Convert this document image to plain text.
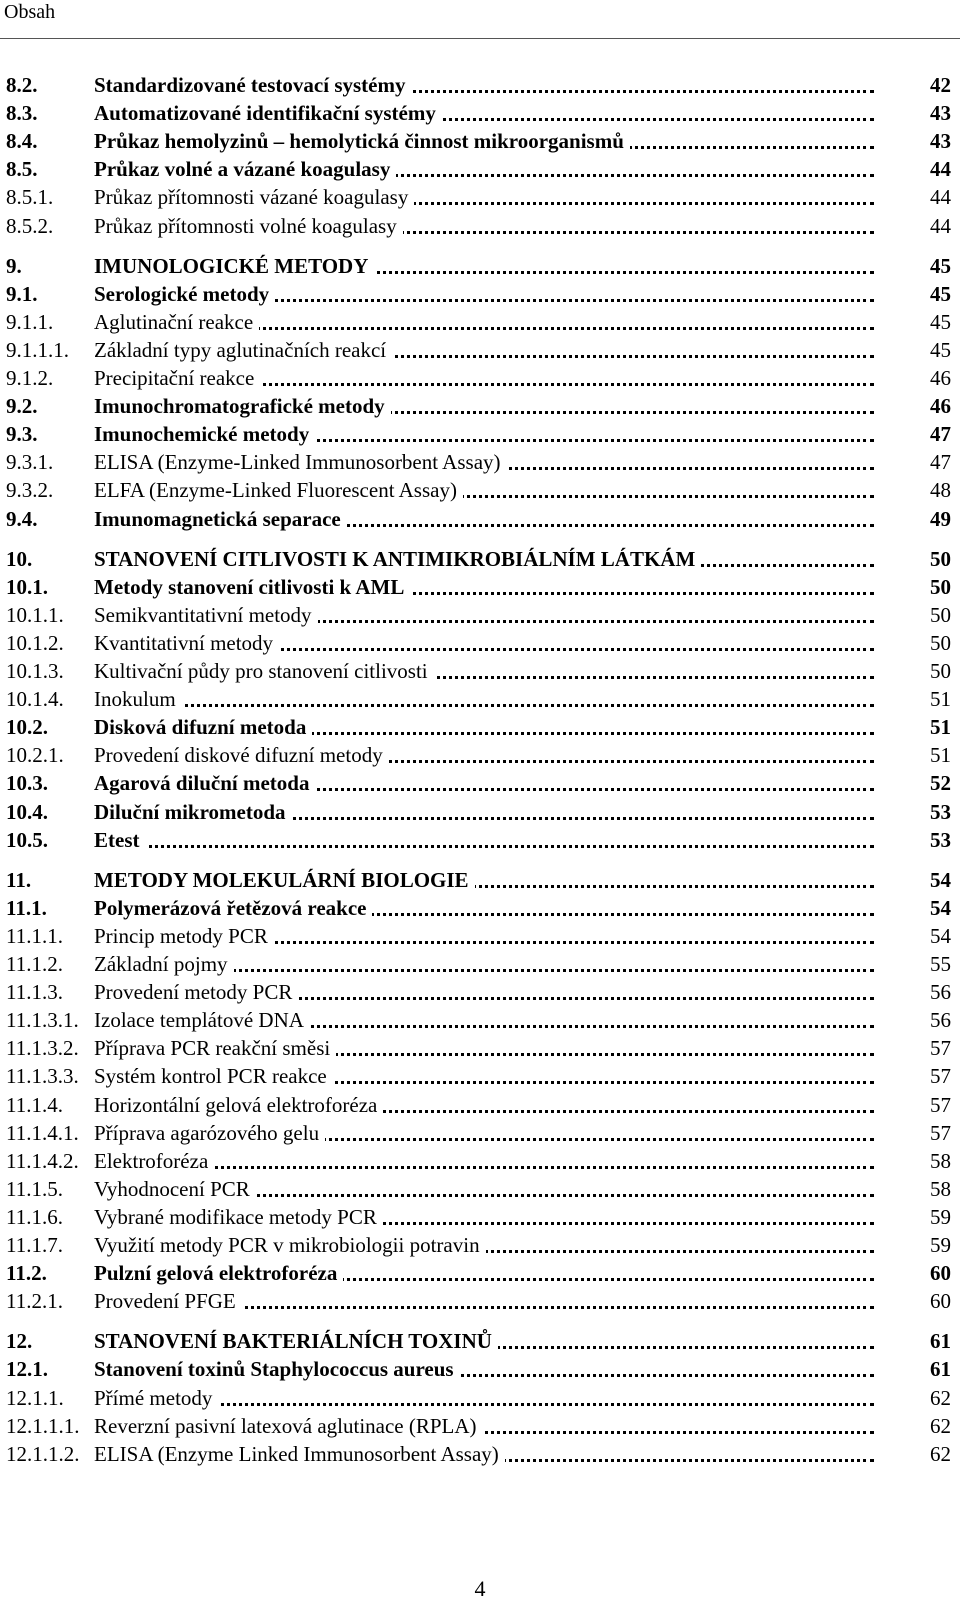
Obsah
8.2.	Standardizované testovací systémy	42
8.3.	Automatizované identifikační systémy	43
8.4.	Průkaz hemolyzinů – hemolytická činnost mikroorganismů	43
8.5.	Průkaz volné a vázané koagulasy	44
8.5.1. Průkaz přítomnosti vázané koagulasy	44
8.5.2. Průkaz přítomnosti volné koagulasy	44
9.	IMUNOLOGICKÉ METODY	45
9.1.	Serologické metody	45
9.1.1. Aglutinační reakce	45
9.1.1.1. Základní typy aglutinačních reakcí	45
9.1.2. Precipitační reakce	46
9.2.	Imunochromatografické metody	46
9.3.	Imunochemické metody	47
9.3.1. ELISA (Enzyme-Linked Immunosorbent Assay)	47
9.3.2. ELFA (Enzyme-Linked Fluorescent Assay)	48
9.4.	Imunomagnetická separace	49
10.	STANOVENÍ CITLIVOSTI K ANTIMIKROBIÁLNÍM LÁTKÁM	50
10.1. Metody stanovení citlivosti k AML	50
10.1.1. Semikvantitativní metody	50
10.1.2. Kvantitativní metody	50
10.1.3. Kultivační půdy pro stanovení citlivosti	50
10.1.4. Inokulum	51
10.2. Disková difuzní metoda	51
10.2.1. Provedení diskové difuzní metody	51
10.3. Agarová diluční metoda	52
10.4. Diluční mikrometoda	53
10.5. Etest	53
11.	METODY MOLEKULÁRNÍ BIOLOGIE	54
11.1. Polymerázová řetězová reakce	54
11.1.1. Princip metody PCR	54
11.1.2. Základní pojmy	55
11.1.3. Provedení metody PCR	56
11.1.3.1. Izolace templátové DNA	56
11.1.3.2. Příprava PCR reakční směsi	57
11.1.3.3. Systém kontrol PCR reakce	57
11.1.4. Horizontální gelová elektroforéza	57
11.1.4.1. Příprava agarózového gelu	57
11.1.4.2. Elektroforéza	58
11.1.5. Vyhodnocení PCR	58
11.1.6. Vybrané modifikace metody PCR	59
11.1.7. Využití metody PCR v mikrobiologii potravin	59
11.2. Pulzní gelová elektroforéza	60
11.2.1. Provedení PFGE	60
12.	STANOVENÍ BAKTERIÁLNÍCH TOXINŮ	61
12.1. Stanovení toxinů Staphylococcus aureus	61
12.1.1. Přímé metody	62
12.1.1.1. Reverzní pasivní latexová aglutinace (RPLA)	62
12.1.1.2. ELISA (Enzyme Linked Immunosorbent Assay)	62
4
